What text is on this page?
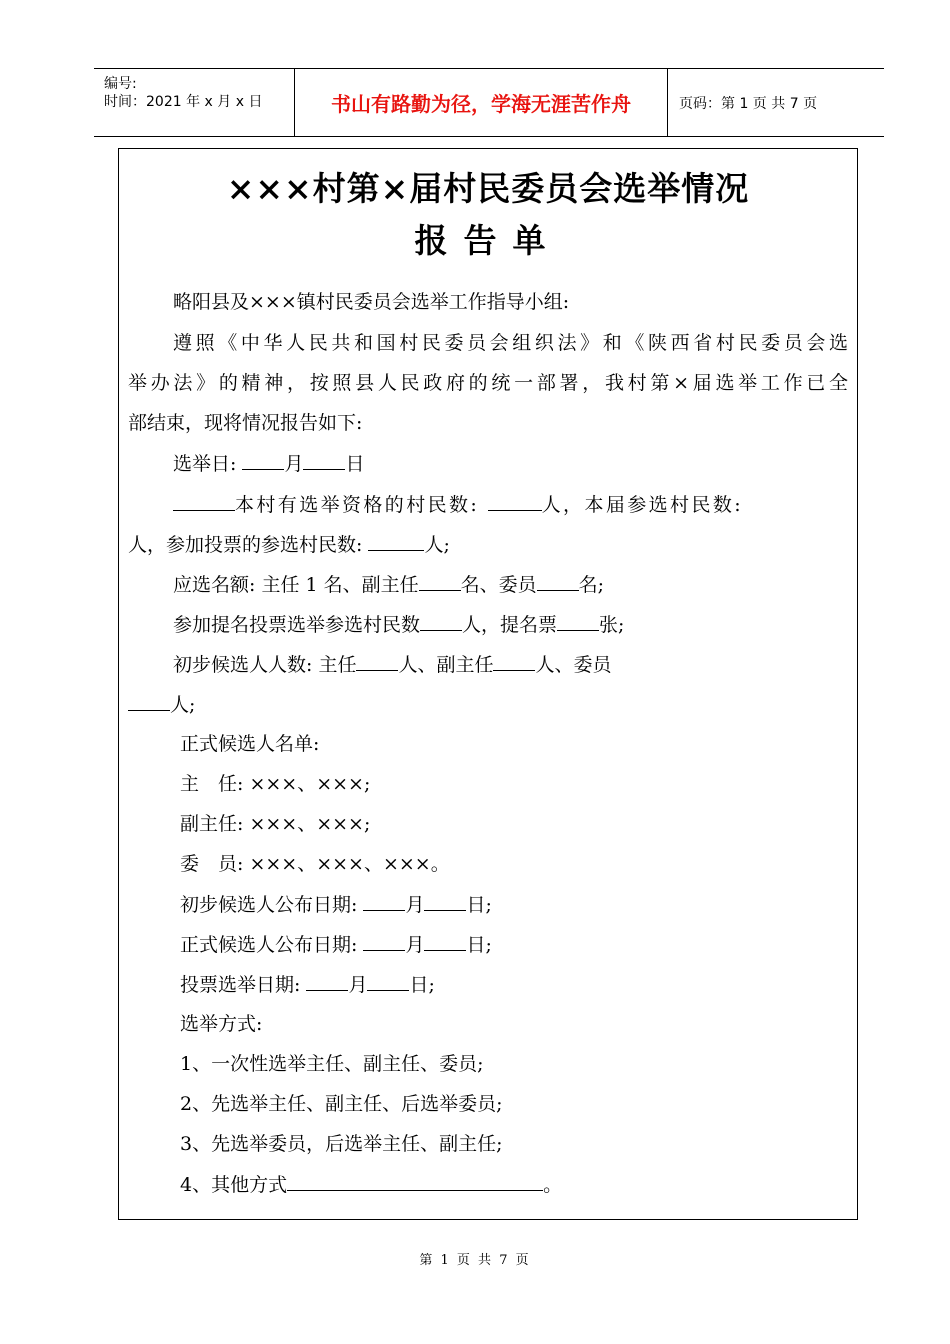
编号:
时间：2021 年 x 月 x 日	书山有路勤为径，学海无涯苦作舟	页码：第 1 页 共 7 页
×××村第×届村民委员会选举情况
报告单
略阳县及×××镇村民委员会选举工作指导小组:
遵照《中华人民共和国村民委员会组织法》和《陕西省村民委员会选
举办法》的精神，按照县人民政府的统一部署，我村第×届选举工作已全
部结束，现将情况报告如下:
选举日:	月 日
本村有选举资格的村民数:	人，本届参选村民数:
人，参加投票的参选村民数:	人;
应选名额: 主任 1 名、副主任 名、委员 名;
参加提名投票选举参选村民数 人，提名票 张;
初步候选人人数: 主任 人、副主任 人、委员
人;
正式候选人名单:
主　任: ×××、×××;
副主任: ×××、×××;
委　员: ×××、×××、×××。
初步候选人公布日期:	月 日;
正式候选人公布日期:	月 日;
投票选举日期:	月 日;
选举方式:
1、一次性选举主任、副主任、委员;
2、先选举主任、副主任、后选举委员;
3、先选举委员，后选举主任、副主任;
4、其他方式	。
第 1 页 共 7 页
